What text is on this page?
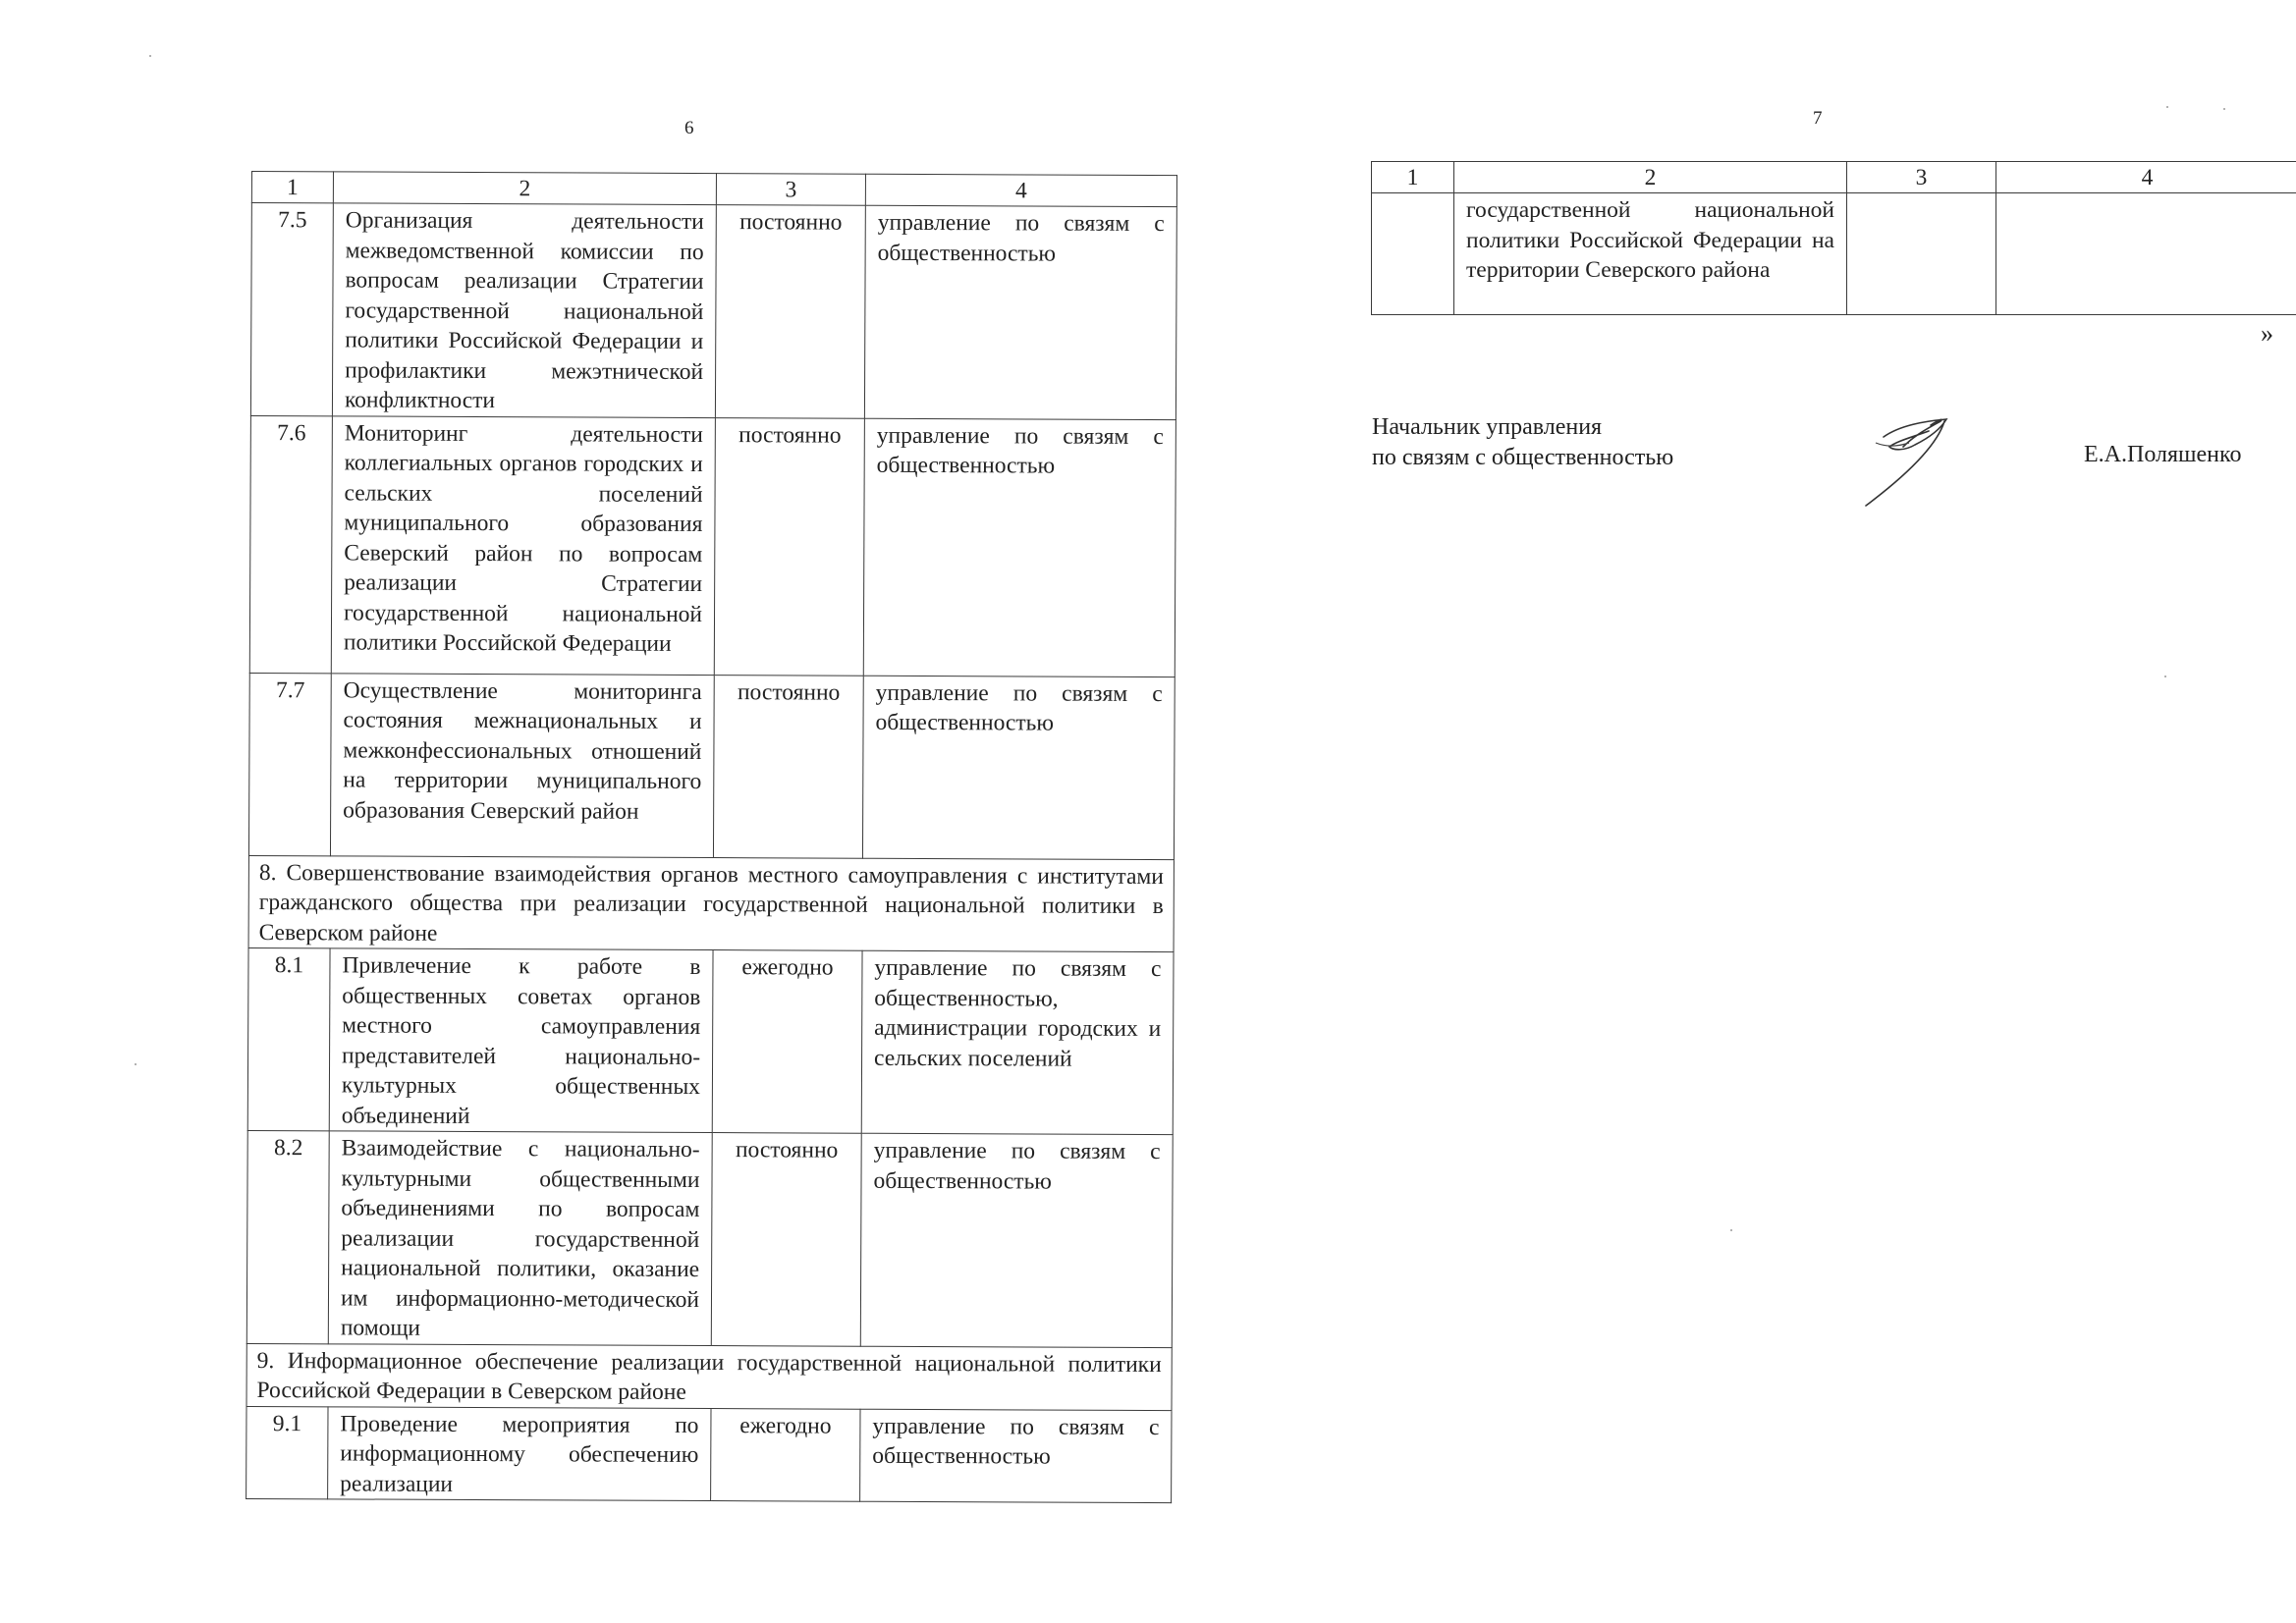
6
1	2	3	4
7.5	Организация деятельности межведомственной комиссии по вопросам реализации Стратегии государственной национальной политики Российской Федерации и профилактики межэтнической конфликтности	постоянно	управление по связям с общественностью
7.6	Мониторинг деятельности коллегиальных органов городских и сельских поселений муниципального образования Северский район по вопросам реализации Стратегии государственной национальной политики Российской Федерации	постоянно	управление по связям с общественностью
7.7	Осуществление мониторинга состояния межнациональных и межконфессиональных отношений на территории муниципального образования Северский район	постоянно	управление по связям с общественностью
8. Совершенствование взаимодействия органов местного самоуправления с институтами гражданского общества при реализации государственной национальной политики в Северском районе			
8.1	Привлечение к работе в общественных советах органов местного самоуправления представителей национально-культурных общественных объединений	ежегодно	управление по связям с общественностью, администрации городских и сельских поселений
8.2	Взаимодействие с национально-культурными общественными объединениями по вопросам реализации государственной национальной политики, оказание им информационно-методической помощи	постоянно	управление по связям с общественностью
9. Информационное обеспечение реализации государственной национальной политики Российской Федерации в Северском районе			
9.1	Проведение мероприятия по информационному обеспечению реализации	ежегодно	управление по связям с общественностью
7
1	2	3	4
	государственной национальной политики Российской Федерации на территории Северского района		
»
Начальник управления
по связям с общественностью	Е.А.Поляшенко
